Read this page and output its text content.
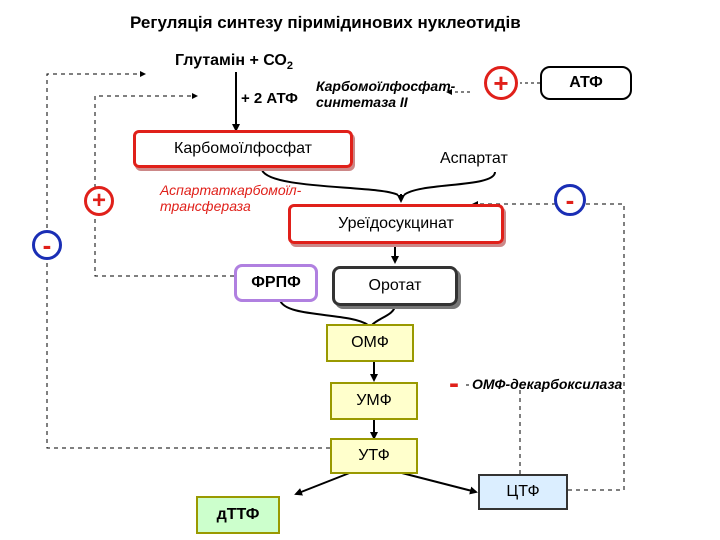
Регуляція синтезу піримідинових нуклеотидів
Глутамін + $СО_2$
+ 2 АТФ
Карбомоїлфосфат-
синтетаза II
+	АТФ
Карбомоїлфосфат
Аспартат
Аспартаткарбомоїл-
трансфераза
+	-
-
Уреїдосукцинат
ФРПФ	Оротат
ОМФ
УМФ
- ОМФ-декарбоксилаза
УТФ
дТТФ
ЦТФ
